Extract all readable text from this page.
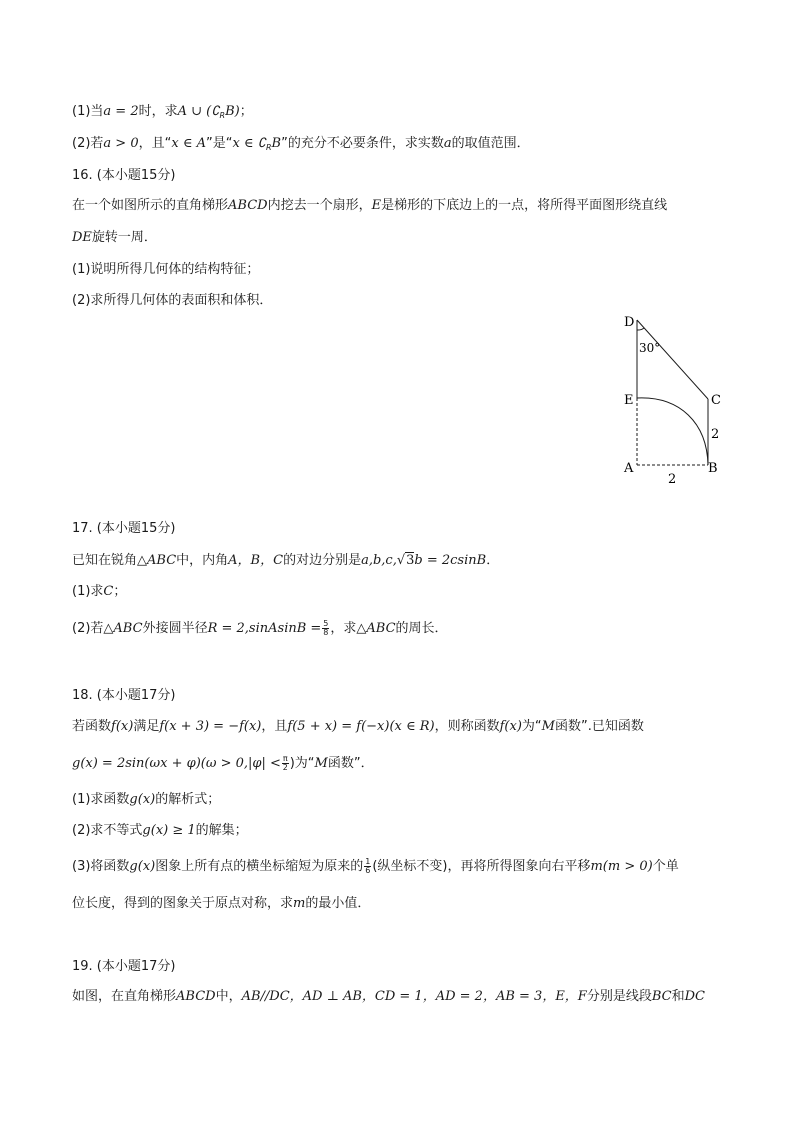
(1)当a = 2时，求A ∪ $(∁_RB)$；
(2)若a > 0，且“x ∈ A”是“x ∈ $∁_RB$”的充分不必要条件，求实数a的取值范围．
16. (本小题15分)
在一个如图所示的直角梯形ABCD内挖去一个扇形，E是梯形的下底边上的一点，将所得平面图形绕直线
DE旋转一周．
(1)说明所得几何体的结构特征；
(2)求所得几何体的表面积和体积．
D
30°
E	C
2
A	B
2
17. (本小题15分)
已知在锐角△ABC中，内角A，B，C的对边分别是a,b,c,√3b = 2csinB．
(1)求C；
(2)若△ABC外接圆半径R = 2,sinAsinB = $\frac{5}{8}$ ，求△ABC的周长．
18. (本小题17分)
若函数f(x)满足f(x + 3) = −f(x)，且f(5 + x) = f(−x)(x ∈ R)，则称函数f(x)为“M函数”.已知函数
$g(x) = 2\sin(\omega x + \varphi)(\omega > 0,|\varphi| < \frac{\pi}{2}$ )为“M函数”．
(1)求函数g(x)的解析式；
(2)求不等式g(x) ≥ 1的解集；
(3)将函数g(x)图象上所有点的横坐标缩短为原来的 $\frac{1}{6}$ (纵坐标不变)，再将所得图象向右平移m(m > 0)个单
位长度，得到的图象关于原点对称，求m的最小值．
19. (本小题17分)
如图，在直角梯形ABCD中，AB//DC，AD ⊥ AB，CD = 1，AD = 2，AB = 3，E，F分别是线段BC和DC
